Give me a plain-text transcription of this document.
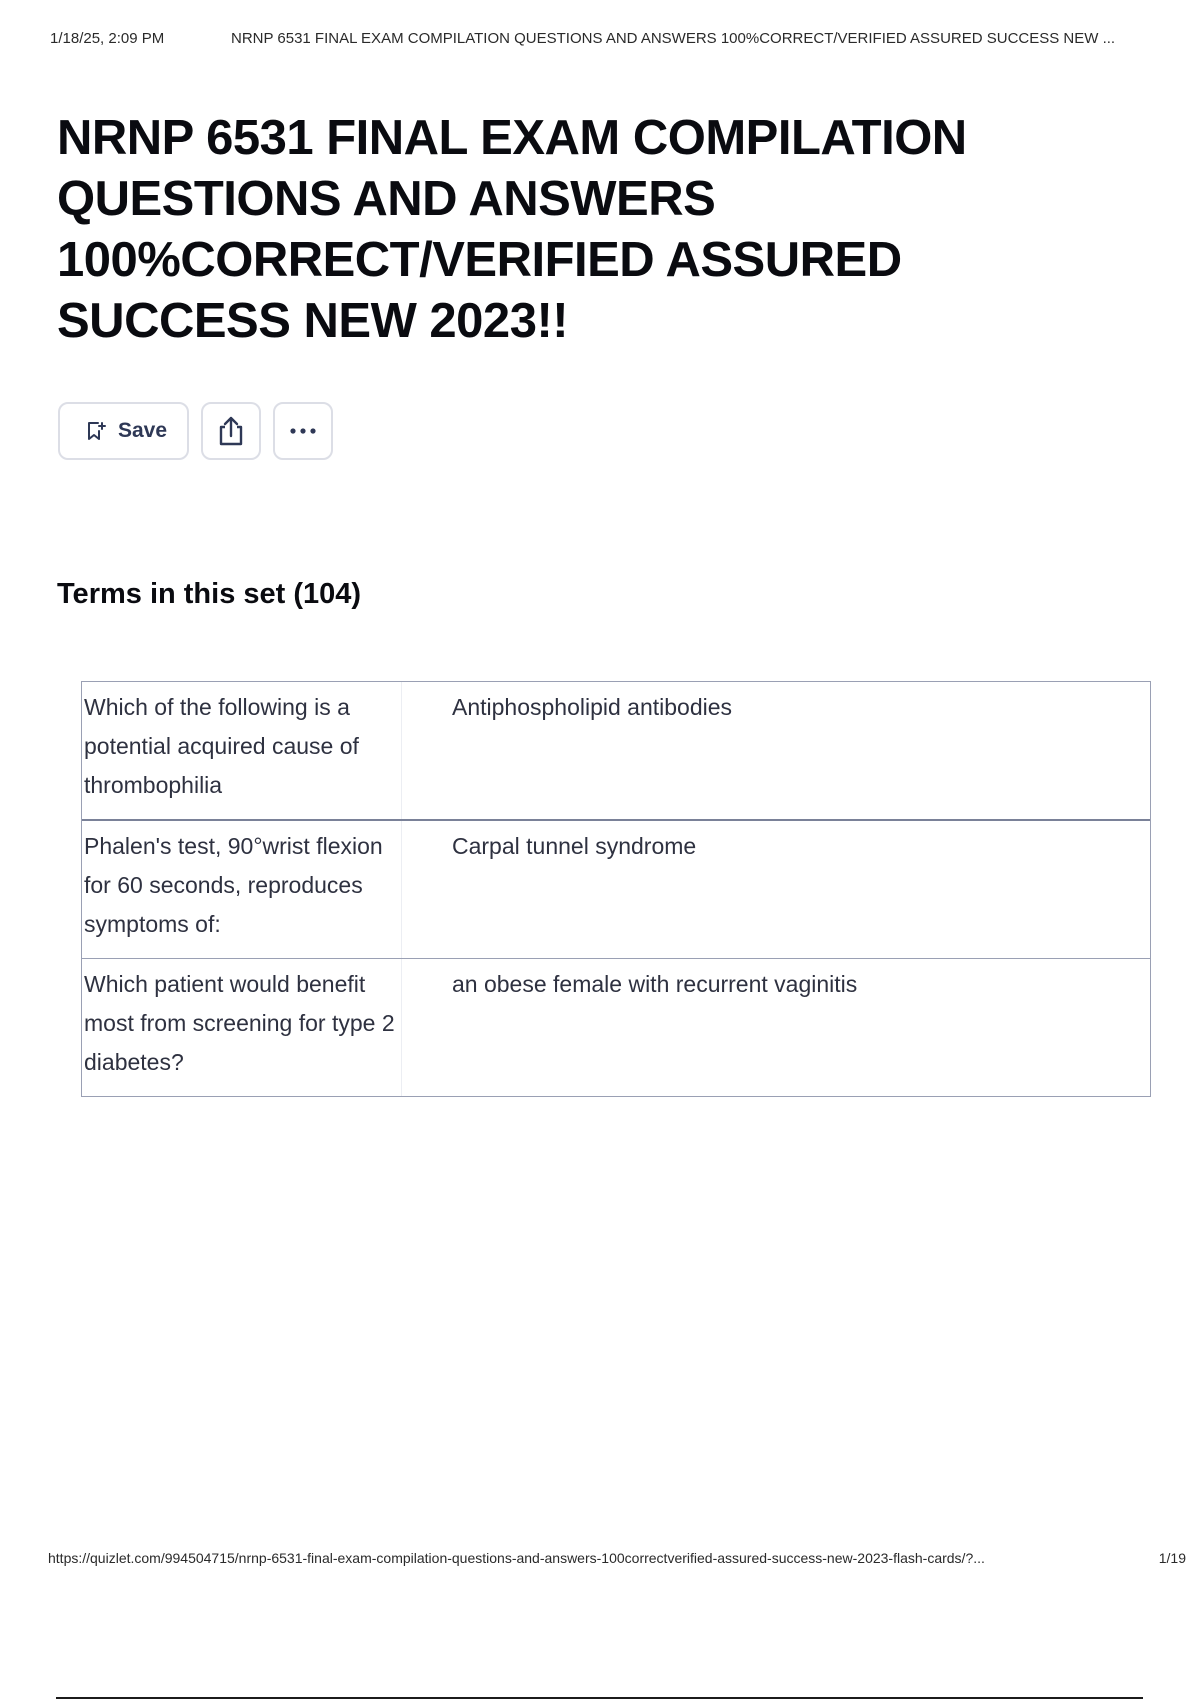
1/18/25, 2:09 PM	NRNP 6531 FINAL EXAM COMPILATION QUESTIONS AND ANSWERS 100%CORRECT/VERIFIED ASSURED SUCCESS NEW ...
NRNP 6531 FINAL EXAM COMPILATION QUESTIONS AND ANSWERS 100%CORRECT/VERIFIED ASSURED SUCCESS NEW 2023!!
Save
Terms in this set (104)
Which of the following is a potential acquired cause of thrombophilia
Antiphospholipid antibodies
Phalen's test, 90°wrist flexion for 60 seconds, reproduces symptoms of:
Carpal tunnel syndrome
Which patient would benefit most from screening for type 2 diabetes?
an obese female with recurrent vaginitis
https://quizlet.com/994504715/nrnp-6531-final-exam-compilation-questions-and-answers-100correctverified-assured-success-new-2023-flash-cards/?...	1/19
